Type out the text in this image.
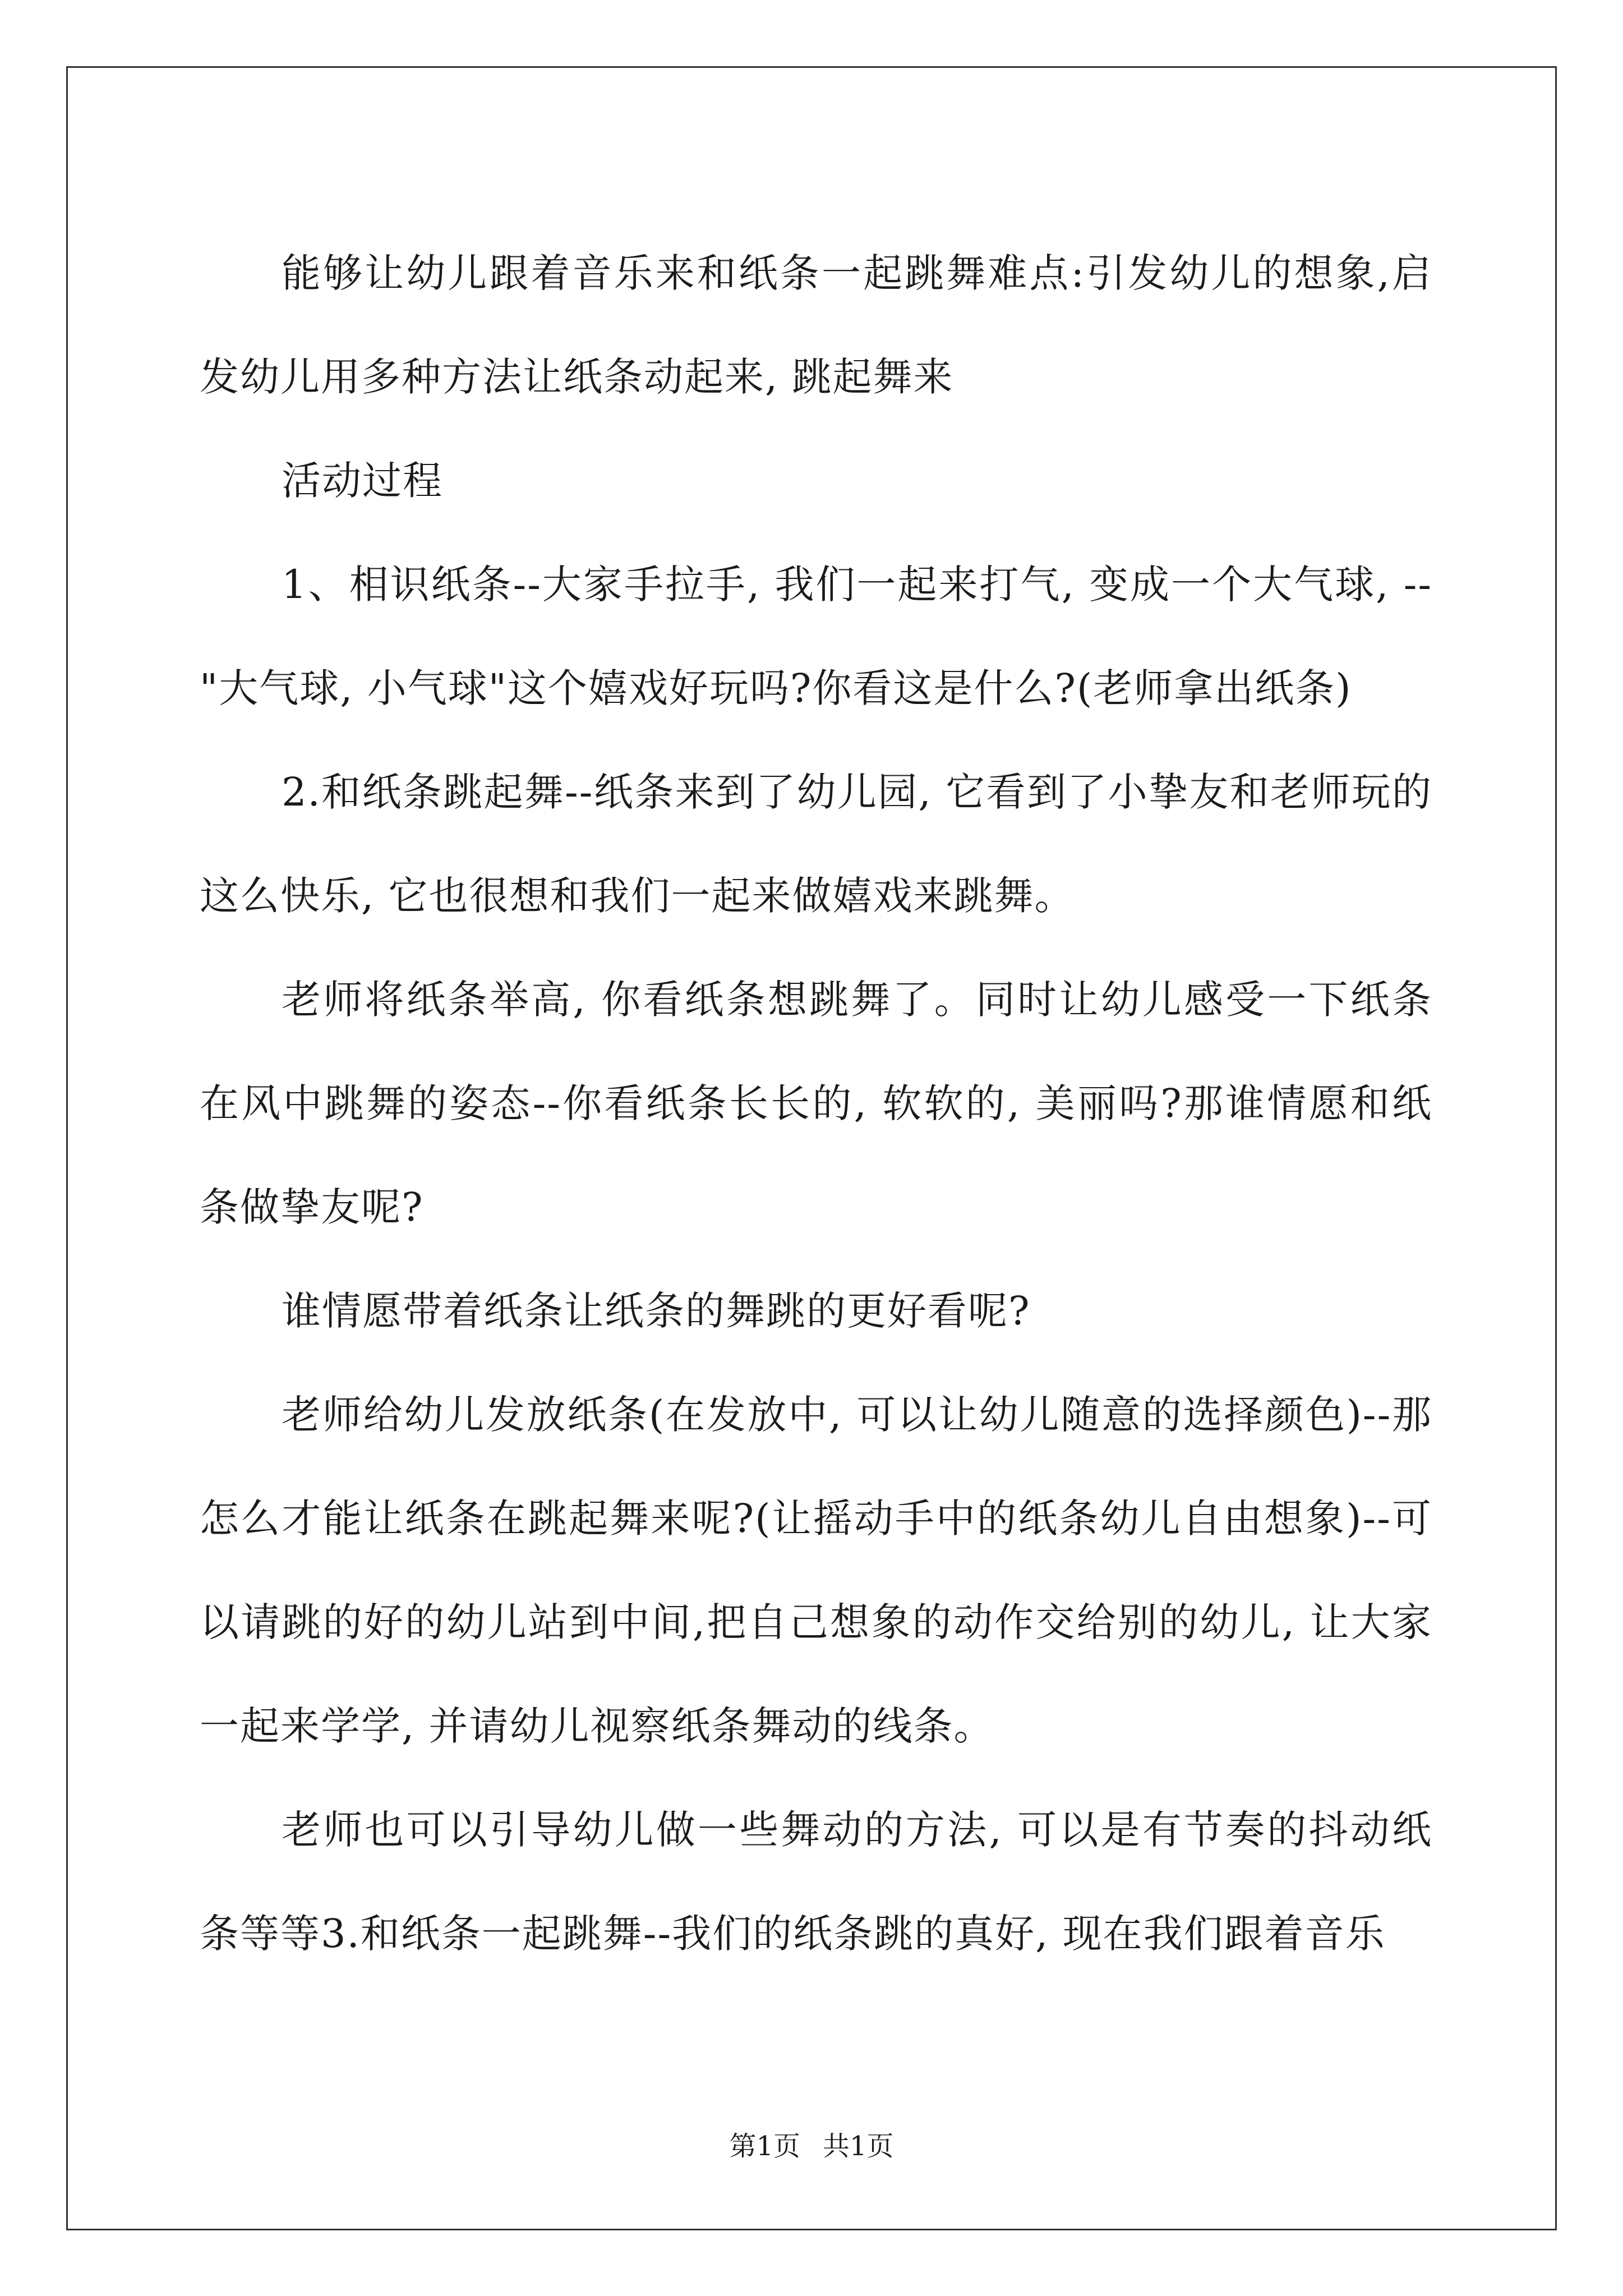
能够让幼儿跟着音乐来和纸条一起跳舞难点:引发幼儿的想象,启发幼儿用多种方法让纸条动起来, 跳起舞来

活动过程

1、相识纸条--大家手拉手, 我们一起来打气, 变成一个大气球, --"大气球, 小气球"这个嬉戏好玩吗?你看这是什么?(老师拿出纸条)

2.和纸条跳起舞--纸条来到了幼儿园, 它看到了小挚友和老师玩的这么快乐, 它也很想和我们一起来做嬉戏来跳舞。

老师将纸条举高, 你看纸条想跳舞了。同时让幼儿感受一下纸条在风中跳舞的姿态--你看纸条长长的, 软软的, 美丽吗?那谁情愿和纸条做挚友呢?

谁情愿带着纸条让纸条的舞跳的更好看呢?

老师给幼儿发放纸条(在发放中, 可以让幼儿随意的选择颜色)--那怎么才能让纸条在跳起舞来呢?(让摇动手中的纸条幼儿自由想象)--可以请跳的好的幼儿站到中间,把自己想象的动作交给别的幼儿, 让大家一起来学学, 并请幼儿视察纸条舞动的线条。

老师也可以引导幼儿做一些舞动的方法, 可以是有节奏的抖动纸条等等3.和纸条一起跳舞--我们的纸条跳的真好, 现在我们跟着音乐

第1页 共1页
